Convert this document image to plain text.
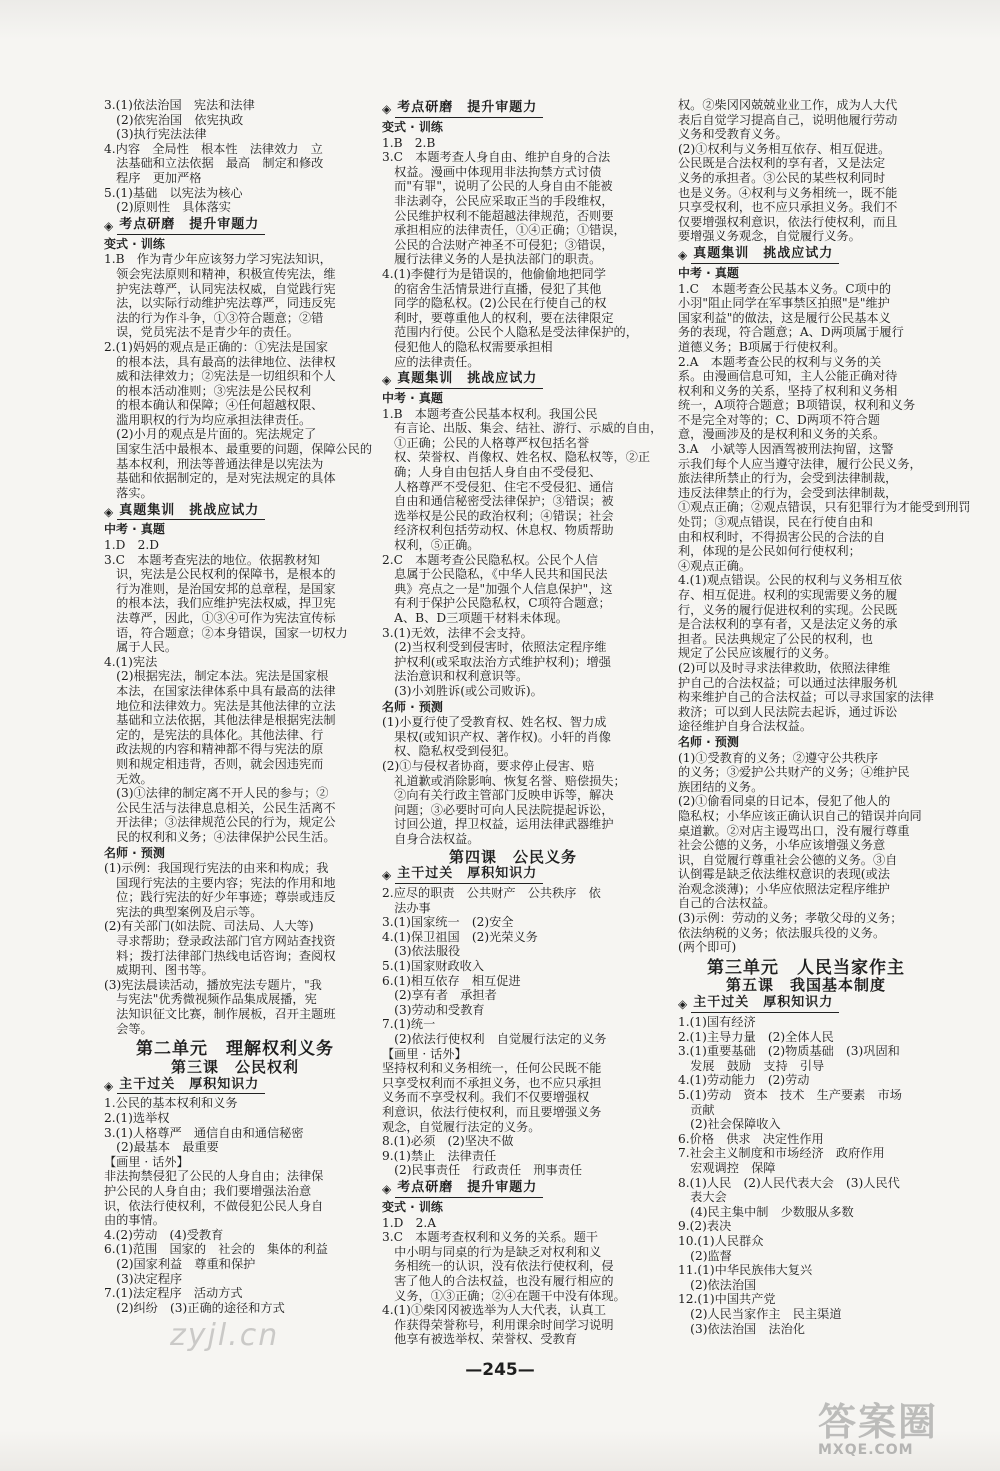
3.(1)依法治国　宪法和法律
　(2)依宪治国　依宪执政
　(3)执行宪法法律
4.内容　全局性　根本性　法律效力　立
　法基础和立法依据　最高　制定和修改
　程序　更加严格
5.(1)基础　以宪法为核心
　(2)原则性　具体落实
◈ 考点研磨　提升审题力
变式 · 训练
1.B　作为青少年应该努力学习宪法知识，
　领会宪法原则和精神，积极宣传宪法，维
　护宪法尊严，认同宪法权威，自觉践行宪
　法，以实际行动维护宪法尊严，同违反宪
　法的行为作斗争，①③符合题意；②错
　误，党员宪法不是青少年的责任。
2.(1)妈妈的观点是正确的：①宪法是国家
　的根本法，具有最高的法律地位、法律权
　威和法律效力；②宪法是一切组织和个人
　的根本活动准则；③宪法是公民权利
　的根本确认和保障；④任何超越权限、
　滥用职权的行为均应承担法律责任。
　(2)小月的观点是片面的。宪法规定了
　国家生活中最根本、最重要的问题，保障公民的
　基本权利，刑法等普通法律是以宪法为
　基础和依据制定的，是对宪法规定的具体
　落实。
◈ 真题集训　挑战应试力
中考 · 真题
1.D　2.D
3.C　本题考查宪法的地位。依据教材知
　识，宪法是公民权利的保障书，是根本的
　行为准则，是治国安邦的总章程，是国家
　的根本法，我们应维护宪法权威，捍卫宪
　法尊严，因此，①③④可作为宪法宣传标
　语，符合题意；②本身错误，国家一切权力
　属于人民。
4.(1)宪法
　(2)根据宪法，制定本法。宪法是国家根
　本法，在国家法律体系中具有最高的法律
　地位和法律效力。宪法是其他法律的立法
　基础和立法依据，其他法律是根据宪法制
　定的，是宪法的具体化。其他法律、行
　政法规的内容和精神都不得与宪法的原
　则和规定相违背，否则，就会因违宪而
　无效。
　(3)①法律的制定离不开人民的参与；②
　公民生活与法律息息相关，公民生活离不
　开法律；③法律规范公民的行为，规定公
　民的权利和义务；④法律保护公民生活。
名师 · 预测
(1)示例：我国现行宪法的由来和构成；我
　国现行宪法的主要内容；宪法的作用和地
　位；践行宪法的好少年事迹；尊崇或违反
　宪法的典型案例及启示等。
(2)有关部门(如法院、司法局、人大等)
　寻求帮助；登录政法部门官方网站查找资
　料；拨打法律部门热线电话咨询；查阅权
　威期刊、图书等。
(3)宪法晨读活动，播放宪法专题片，"我
　与宪法"优秀微视频作品集成展播，宪
　法知识征文比赛，制作展板，召开主题班
　会等。
第二单元　理解权利义务
第三课　公民权利
◈ 主干过关　厚积知识力
1.公民的基本权利和义务
2.(1)选举权
3.(1)人格尊严　通信自由和通信秘密
　(2)最基本　最重要
【画里 · 话外】
非法拘禁侵犯了公民的人身自由；法律保
护公民的人身自由；我们要增强法治意
识，依法行使权利，不做侵犯公民人身自
由的事情。
4.(2)劳动　(4)受教育
6.(1)范围　国家的　社会的　集体的利益
　(2)国家利益　尊重和保护
　(3)决定程序
7.(1)法定程序　活动方式
　(2)纠纷　(3)正确的途径和方式
◈ 考点研磨　提升审题力
变式 · 训练
1.B　2.B
3.C　本题考查人身自由、维护自身的合法
　权益。漫画中体现用非法拘禁方式讨债
　而"有罪"，说明了公民的人身自由不能被
　非法剥夺，公民应采取正当的手段维权，
　公民维护权利不能超越法律规范，否则要
　承担相应的法律责任，①④正确；①错误，
　公民的合法财产神圣不可侵犯；③错误，
　履行法律义务的人是执法部门的职责。
4.(1)李健行为是错误的，他偷偷地把同学
　的宿舍生活情景进行直播，侵犯了其他
　同学的隐私权。(2)公民在行使自己的权
　利时，要尊重他人的权利，要在法律限定
　范围内行使。公民个人隐私是受法律保护的，
　侵犯他人的隐私权需要承担相
　应的法律责任。
◈ 真题集训　挑战应试力
中考 · 真题
1.B　本题考查公民基本权利。我国公民
　有言论、出版、集会、结社、游行、示威的自由，
　①正确；公民的人格尊严权包括名誉
　权、荣誉权、肖像权、姓名权、隐私权等，②正
　确；人身自由包括人身自由不受侵犯、
　人格尊严不受侵犯、住宅不受侵犯、通信
　自由和通信秘密受法律保护；③错误；被
　选举权是公民的政治权利；④错误；社会
　经济权利包括劳动权、休息权、物质帮助
　权利，⑤正确。
2.C　本题考查公民隐私权。公民个人信
　息属于公民隐私，《中华人民共和国民法
　典》亮点之一是"加强个人信息保护"，这
　有利于保护公民隐私权，C项符合题意；
　A、B、D三项题干材料未体现。
3.(1)无效，法律不会支持。
　(2)当权利受到侵害时，依照法定程序维
　护权利(或采取法治方式维护权利)；增强
　法治意识和权利意识等。
　(3)小刘胜诉(或公司败诉)。
名师 · 预测
(1)小夏行使了受教育权、姓名权、智力成
　果权(或知识产权、著作权)。小轩的肖像
　权、隐私权受到侵犯。
(2)①与侵权者协商，要求停止侵害、赔
　礼道歉或消除影响、恢复名誉、赔偿损失；
　②向有关行政主管部门反映申诉等，解决
　问题；③必要时可向人民法院提起诉讼，
　讨回公道，捍卫权益，运用法律武器维护
　自身合法权益。
第四课　公民义务
◈ 主干过关　厚积知识力
2.应尽的职责　公共财产　公共秩序　依
　法办事
3.(1)国家统一　(2)安全
4.(1)保卫祖国　(2)光荣义务
　(3)依法服役
5.(1)国家财政收入
6.(1)相互依存　相互促进
　(2)享有者　承担者
　(3)劳动和受教育
7.(1)统一
　(2)依法行使权利　自觉履行法定的义务
【画里 · 话外】
坚持权利和义务相统一，任何公民既不能
只享受权利而不承担义务，也不应只承担
义务而不享受权利。我们不仅要增强权
利意识，依法行使权利，而且要增强义务
观念，自觉履行法定的义务。
8.(1)必须　(2)坚决不做
9.(1)禁止　法律责任
　(2)民事责任　行政责任　刑事责任
◈ 考点研磨　提升审题力
变式 · 训练
1.D　2.A
3.C　本题考查权利和义务的关系。题干
　中小明与同桌的行为是缺乏对权利和义
　务相统一的认识，没有依法行使权利，侵
　害了他人的合法权益，也没有履行相应的
　义务，①③正确；②④在题干中没有体现。
4.(1)①柴冈冈被选举为人大代表，认真工
　作获得荣誉称号，利用课余时间学习说明
　他享有被选举权、荣誉权、受教育
权。②柴冈冈兢兢业业工作，成为人大代
表后自觉学习提高自己，说明他履行劳动
义务和受教育义务。
(2)①权利与义务相互依存、相互促进。
公民既是合法权利的享有者，又是法定
义务的承担者。③公民的某些权利同时
也是义务。④权利与义务相统一，既不能
只享受权利，也不应只承担义务。我们不
仅要增强权利意识，依法行使权利，而且
要增强义务观念，自觉履行义务。
◈ 真题集训　挑战应试力
中考 · 真题
1.C　本题考查公民基本义务。C项中的
小羽"阻止同学在军事禁区拍照"是"维护
国家利益"的做法，这是履行公民基本义
务的表现，符合题意；A、D两项属于履行
道德义务；B项属于行使权利。
2.A　本题考查公民的权利与义务的关
系。由漫画信息可知，主人公能正确对待
权利和义务的关系，坚持了权利和义务相
统一，A项符合题意；B项错误，权利和义务
不是完全对等的；C、D两项不符合题
意，漫画涉及的是权利和义务的关系。
3.A　小斌等人因酒驾被刑法拘留，这警
示我们每个人应当遵守法律，履行公民义务，
旅法律所禁止的行为，会受到法律制裁，
违反法律禁止的行为，会受到法律制裁，
①观点正确；②观点错误，只有犯罪行为才能受到刑罚
处罚；③观点错误，民在行使自由和
由和权利时，不得损害公民的合法的自
利，体现的是公民如何行使权利；
④观点正确。
4.(1)观点错误。公民的权利与义务相互依
存、相互促进。权利的实现需要义务的履
行，义务的履行促进权利的实现。公民既
是合法权利的享有者，又是法定义务的承
担者。民法典规定了公民的权利，也
规定了公民应该履行的义务。
(2)可以及时寻求法律救助，依照法律维
护自己的合法权益；可以通过法律服务机
构来维护自己的合法权益；可以寻求国家的法律
救济；可以到人民法院去起诉，通过诉讼
途径维护自身合法权益。
名师 · 预测
(1)①受教育的义务；②遵守公共秩序
的义务；③爱护公共财产的义务；④维护民
族团结的义务。
(2)①偷看同桌的日记本，侵犯了他人的
隐私权；小华应该正确认识自己的错误并向同
桌道歉。②对店主谩骂出口，没有履行尊重
社会公德的义务，小华应该增强义务意
识，自觉履行尊重社会公德的义务。③自
认倒霉是缺乏依法维权意识的表现(或法
治观念淡薄)；小华应依照法定程序维护
自己的合法权益。
(3)示例：劳动的义务；孝敬父母的义务；
依法纳税的义务；依法服兵役的义务。
(两个即可)
第三单元　人民当家作主
第五课　我国基本制度
◈ 主干过关　厚积知识力
1.(1)国有经济
2.(1)主导力量　(2)全体人民
3.(1)重要基础　(2)物质基础　(3)巩固和
　发展　鼓励　支持　引导
4.(1)劳动能力　(2)劳动
5.(1)劳动　资本　技术　生产要素　市场
　贡献
　(2)社会保障收入
6.价格　供求　决定性作用
7.社会主义制度和市场经济　政府作用
　宏观调控　保障
8.(1)人民　(2)人民代表大会　(3)人民代
　表大会
　(4)民主集中制　少数服从多数
9.(2)表决
10.(1)人民群众
　(2)监督
11.(1)中华民族伟大复兴
　(2)依法治国
12.(1)中国共产党
　(2)人民当家作主　民主渠道
　(3)依法治国　法治化
—245—
zyjl.cn
答案圈
MXQE.COM
